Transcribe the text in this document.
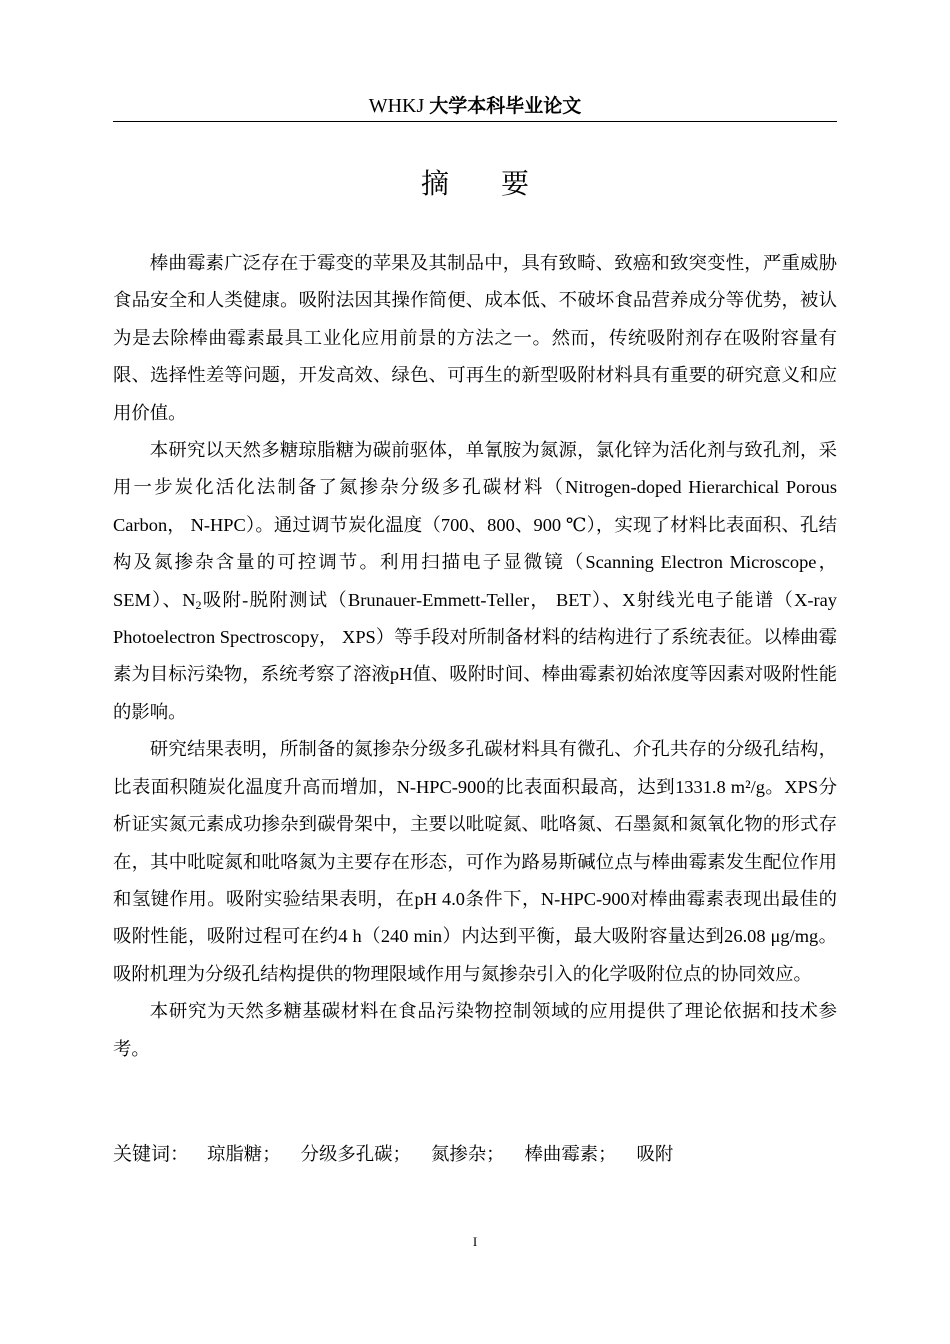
WHKJ 大学本科毕业论文
摘 要

棒曲霉素广泛存在于霉变的苹果及其制品中，具有致畸、致癌和致突变性，严重威胁食品安全和人类健康。吸附法因其操作简便、成本低、不破坏食品营养成分等优势，被认为是去除棒曲霉素最具工业化应用前景的方法之一。然而，传统吸附剂存在吸附容量有限、选择性差等问题，开发高效、绿色、可再生的新型吸附材料具有重要的研究意义和应用价值。

本研究以天然多糖琼脂糖为碳前驱体，单氰胺为氮源，氯化锌为活化剂与致孔剂，采用一步炭化活化法制备了氮掺杂分级多孔碳材料（Nitrogen-doped Hierarchical Porous Carbon， N-HPC）。通过调节炭化温度（700、800、900 ℃），实现了材料比表面积、孔结构及氮掺杂含量的可控调节。利用扫描电子显微镜（Scanning Electron Microscope， SEM）、$N_2$吸附-脱附测试（Brunauer-Emmett-Teller， BET）、X射线光电子能谱（X-ray Photoelectron Spectroscopy， XPS）等手段对所制备材料的结构进行了系统表征。以棒曲霉素为目标污染物，系统考察了溶液pH值、吸附时间、棒曲霉素初始浓度等因素对吸附性能的影响。

研究结果表明，所制备的氮掺杂分级多孔碳材料具有微孔、介孔共存的分级孔结构，比表面积随炭化温度升高而增加，N-HPC-900的比表面积最高，达到1331.8 m²/g。XPS分析证实氮元素成功掺杂到碳骨架中，主要以吡啶氮、吡咯氮、石墨氮和氮氧化物的形式存在，其中吡啶氮和吡咯氮为主要存在形态，可作为路易斯碱位点与棒曲霉素发生配位作用和氢键作用。吸附实验结果表明，在pH 4.0条件下，N-HPC-900对棒曲霉素表现出最佳的吸附性能，吸附过程可在约4 h（240 min）内达到平衡，最大吸附容量达到26.08 μg/mg。吸附机理为分级孔结构提供的物理限域作用与氮掺杂引入的化学吸附位点的协同效应。

本研究为天然多糖基碳材料在食品污染物控制领域的应用提供了理论依据和技术参考。

关键词： 琼脂糖； 分级多孔碳； 氮掺杂； 棒曲霉素； 吸附
I
